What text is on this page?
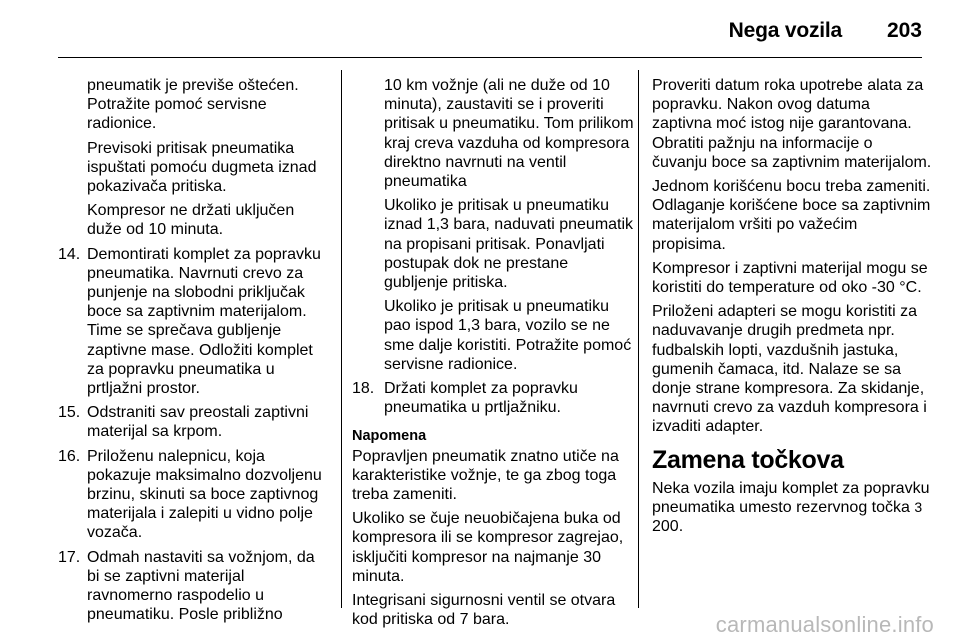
Nega vozila 203

pneumatik je previše oštećen. Potražite pomoć servisne radionice.

Previsoki pritisak pneumatika ispuštati pomoću dugmeta iznad pokazivača pritiska.

Kompresor ne držati uključen duže od 10 minuta.

14. Demontirati komplet za popravku pneumatika. Navrnuti crevo za punjenje na slobodni priključak boce sa zaptivnim materijalom. Time se sprečava gubljenje zaptivne mase. Odložiti komplet za popravku pneumatika u prtljažni prostor.
15. Odstraniti sav preostali zaptivni materijal sa krpom.
16. Priloženu nalepnicu, koja pokazuje maksimalno dozvoljenu brzinu, skinuti sa boce zaptivnog materijala i zalepiti u vidno polje vozača.
17. Odmah nastaviti sa vožnjom, da bi se zaptivni materijal ravnomerno raspodelio u pneumatiku. Posle približno

10 km vožnje (ali ne duže od 10 minuta), zaustaviti se i proveriti pritisak u pneumatiku. Tom prilikom kraj creva vazduha od kompresora direktno navrnuti na ventil pneumatika

Ukoliko je pritisak u pneumatiku iznad 1,3 bara, naduvati pneumatik na propisani pritisak. Ponavljati postupak dok ne prestane gubljenje pritiska.

Ukoliko je pritisak u pneumatiku pao ispod 1,3 bara, vozilo se ne sme dalje koristiti. Potražite pomoć servisne radionice.

18. Držati komplet za popravku pneumatika u prtljažniku.
Napomena

Popravljen pneumatik znatno utiče na karakteristike vožnje, te ga zbog toga treba zameniti.

Ukoliko se čuje neuobičajena buka od kompresora ili se kompresor zagrejao, isključiti kompresor na najmanje 30 minuta.

Integrisani sigurnosni ventil se otvara kod pritiska od 7 bara.

Proveriti datum roka upotrebe alata za popravku. Nakon ovog datuma zaptivna moć istog nije garantovana. Obratiti pažnju na informacije o čuvanju boce sa zaptivnim materijalom.

Jednom korišćenu bocu treba zameniti. Odlaganje korišćene boce sa zaptivnim materijalom vršiti po važećim propisima.

Kompresor i zaptivni materijal mogu se koristiti do temperature od oko -30 °C.

Priloženi adapteri se mogu koristiti za naduvavanje drugih predmeta npr. fudbalskih lopti, vazdušnih jastuka, gumenih čamaca, itd. Nalaze se sa donje strane kompresora. Za skidanje, navrnuti crevo za vazduh kompresora i izvaditi adapter.

Zamena točkova

Neka vozila imaju komplet za popravku pneumatika umesto rezervnog točka 3 200.

carmanualsonline.info
